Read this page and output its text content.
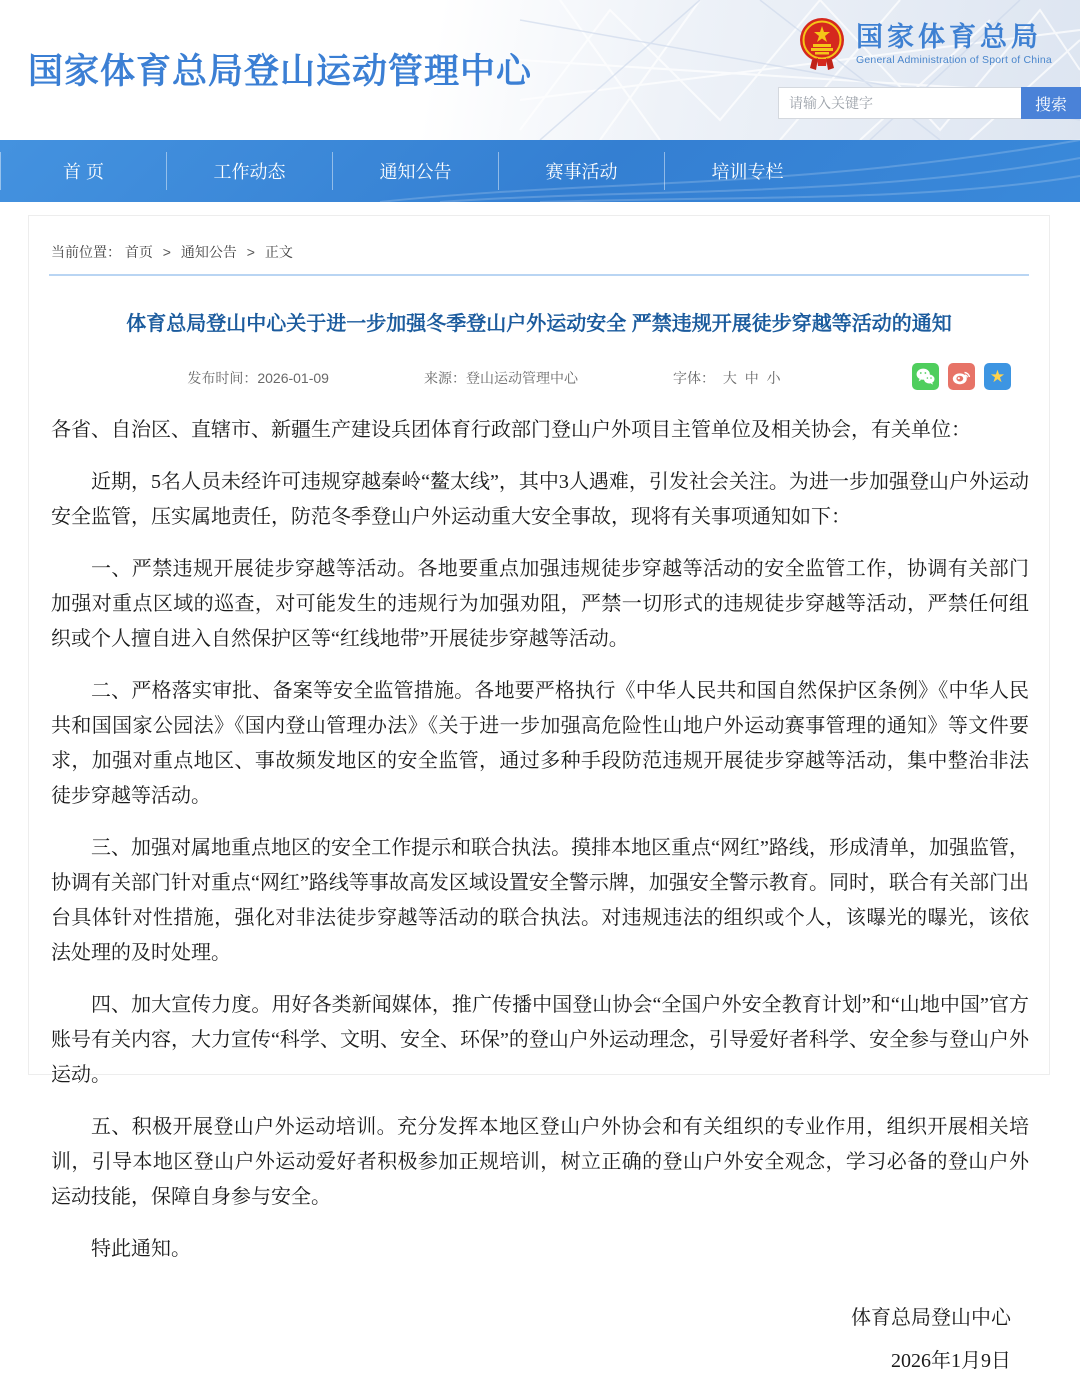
国家体育总局登山运动管理中心
国家体育总局
General Administration of Sport of China
请输入关键字
搜索
首 页	工作动态	通知公告	赛事活动	培训专栏
当前位置： 首页 > 通知公告 > 正文
体育总局登山中心关于进一步加强冬季登山户外运动安全 严禁违规开展徒步穿越等活动的通知
发布时间：2026-01-09	来源：登山运动管理中心	字体： 大 中 小	★

各省、自治区、直辖市、新疆生产建设兵团体育行政部门登山户外项目主管单位及相关协会，有关单位：

近期，5名人员未经许可违规穿越秦岭“鳌太线”，其中3人遇难，引发社会关注。为进一步加强登山户外运动安全监管，压实属地责任，防范冬季登山户外运动重大安全事故，现将有关事项通知如下：

一、严禁违规开展徒步穿越等活动。各地要重点加强违规徒步穿越等活动的安全监管工作，协调有关部门加强对重点区域的巡查，对可能发生的违规行为加强劝阻，严禁一切形式的违规徒步穿越等活动，严禁任何组织或个人擅自进入自然保护区等“红线地带”开展徒步穿越等活动。

二、严格落实审批、备案等安全监管措施。各地要严格执行《中华人民共和国自然保护区条例》《中华人民共和国国家公园法》《国内登山管理办法》《关于进一步加强高危险性山地户外运动赛事管理的通知》等文件要求，加强对重点地区、事故频发地区的安全监管，通过多种手段防范违规开展徒步穿越等活动，集中整治非法徒步穿越等活动。

三、加强对属地重点地区的安全工作提示和联合执法。摸排本地区重点“网红”路线，形成清单，加强监管，协调有关部门针对重点“网红”路线等事故高发区域设置安全警示牌，加强安全警示教育。同时，联合有关部门出台具体针对性措施，强化对非法徒步穿越等活动的联合执法。对违规违法的组织或个人，该曝光的曝光，该依法处理的及时处理。

四、加大宣传力度。用好各类新闻媒体，推广传播中国登山协会“全国户外安全教育计划”和“山地中国”官方账号有关内容，大力宣传“科学、文明、安全、环保”的登山户外运动理念，引导爱好者科学、安全参与登山户外运动。

五、积极开展登山户外运动培训。充分发挥本地区登山户外协会和有关组织的专业作用，组织开展相关培训，引导本地区登山户外运动爱好者积极参加正规培训，树立正确的登山户外安全观念，学习必备的登山户外运动技能，保障自身参与安全。

特此通知。

体育总局登山中心
2026年1月9日
